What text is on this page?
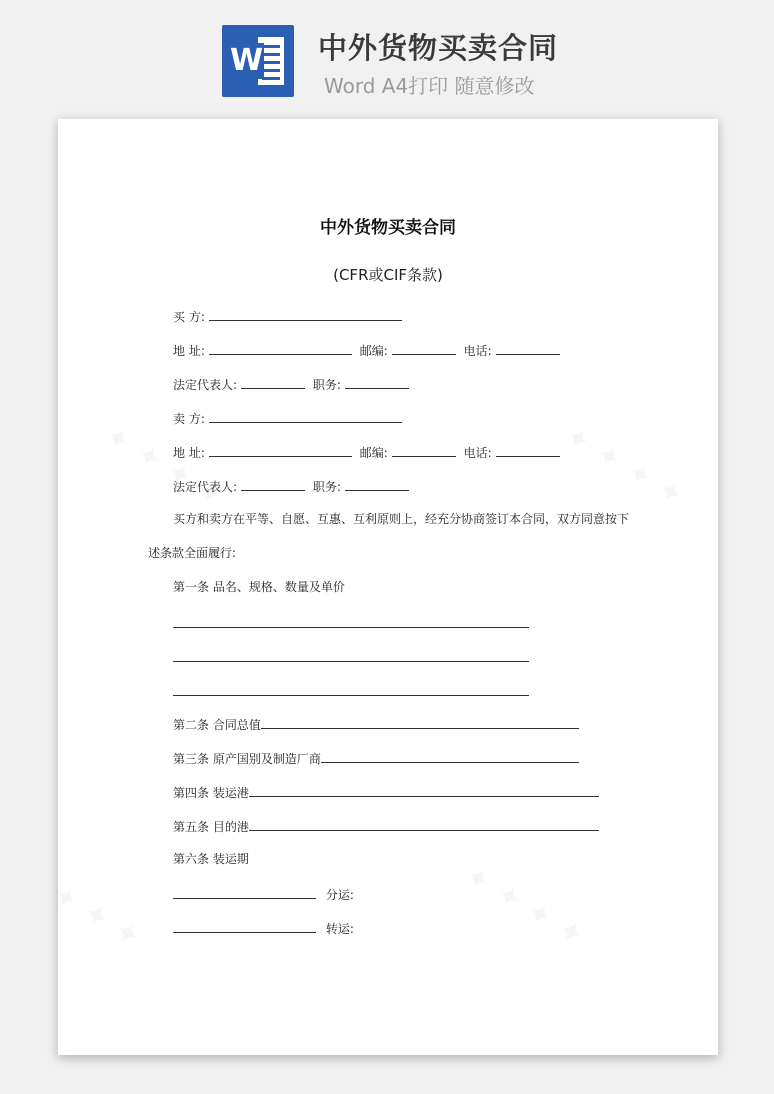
W 中外货物买卖合同
Word A4打印 随意修改
中外货物买卖合同
(CFR或CIF条款)
买 方:
地 址:	邮编:	电话:
法定代表人:	职务:
卖 方:
地 址:	邮编:	电话:
法定代表人:	职务:
买方和卖方在平等、自愿、互惠、互利原则上，经充分协商签订本合同，双方同意按下
述条款全面履行:
第一条 品名、规格、数量及单价
第二条 合同总值
第三条 原产国别及制造厂商
第四条 装运港
第五条 目的港
第六条 装运期
分运:
转运:
